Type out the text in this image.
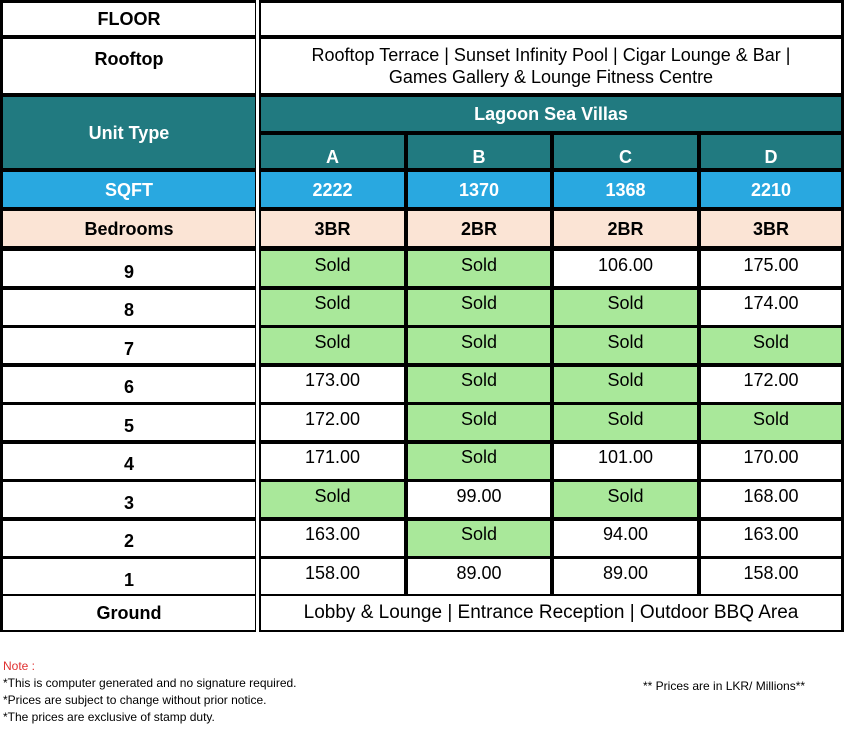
FLOOR
Rooftop	Rooftop Terrace | Sunset Infinity Pool | Cigar Lounge & Bar |
Games Gallery & Lounge Fitness Centre
Unit Type
Lagoon Sea Villas
A	B	C	D
SQFT	2222	1370	1368	2210
Bedrooms	3BR	2BR	2BR	3BR
9	Sold	Sold	106.00	175.00
8	Sold	Sold	Sold	174.00
7	Sold	Sold	Sold	Sold
6	173.00	Sold	Sold	172.00
5	172.00	Sold	Sold	Sold
4	171.00	Sold	101.00	170.00
3	Sold	99.00	Sold	168.00
2	163.00	Sold	94.00	163.00
1	158.00	89.00	89.00	158.00
Ground	Lobby & Lounge | Entrance Reception | Outdoor BBQ Area
Note :
*This is computer generated and no signature required.
*Prices are subject to change without prior notice.
*The prices are exclusive of stamp duty.
** Prices are in LKR/ Millions**
